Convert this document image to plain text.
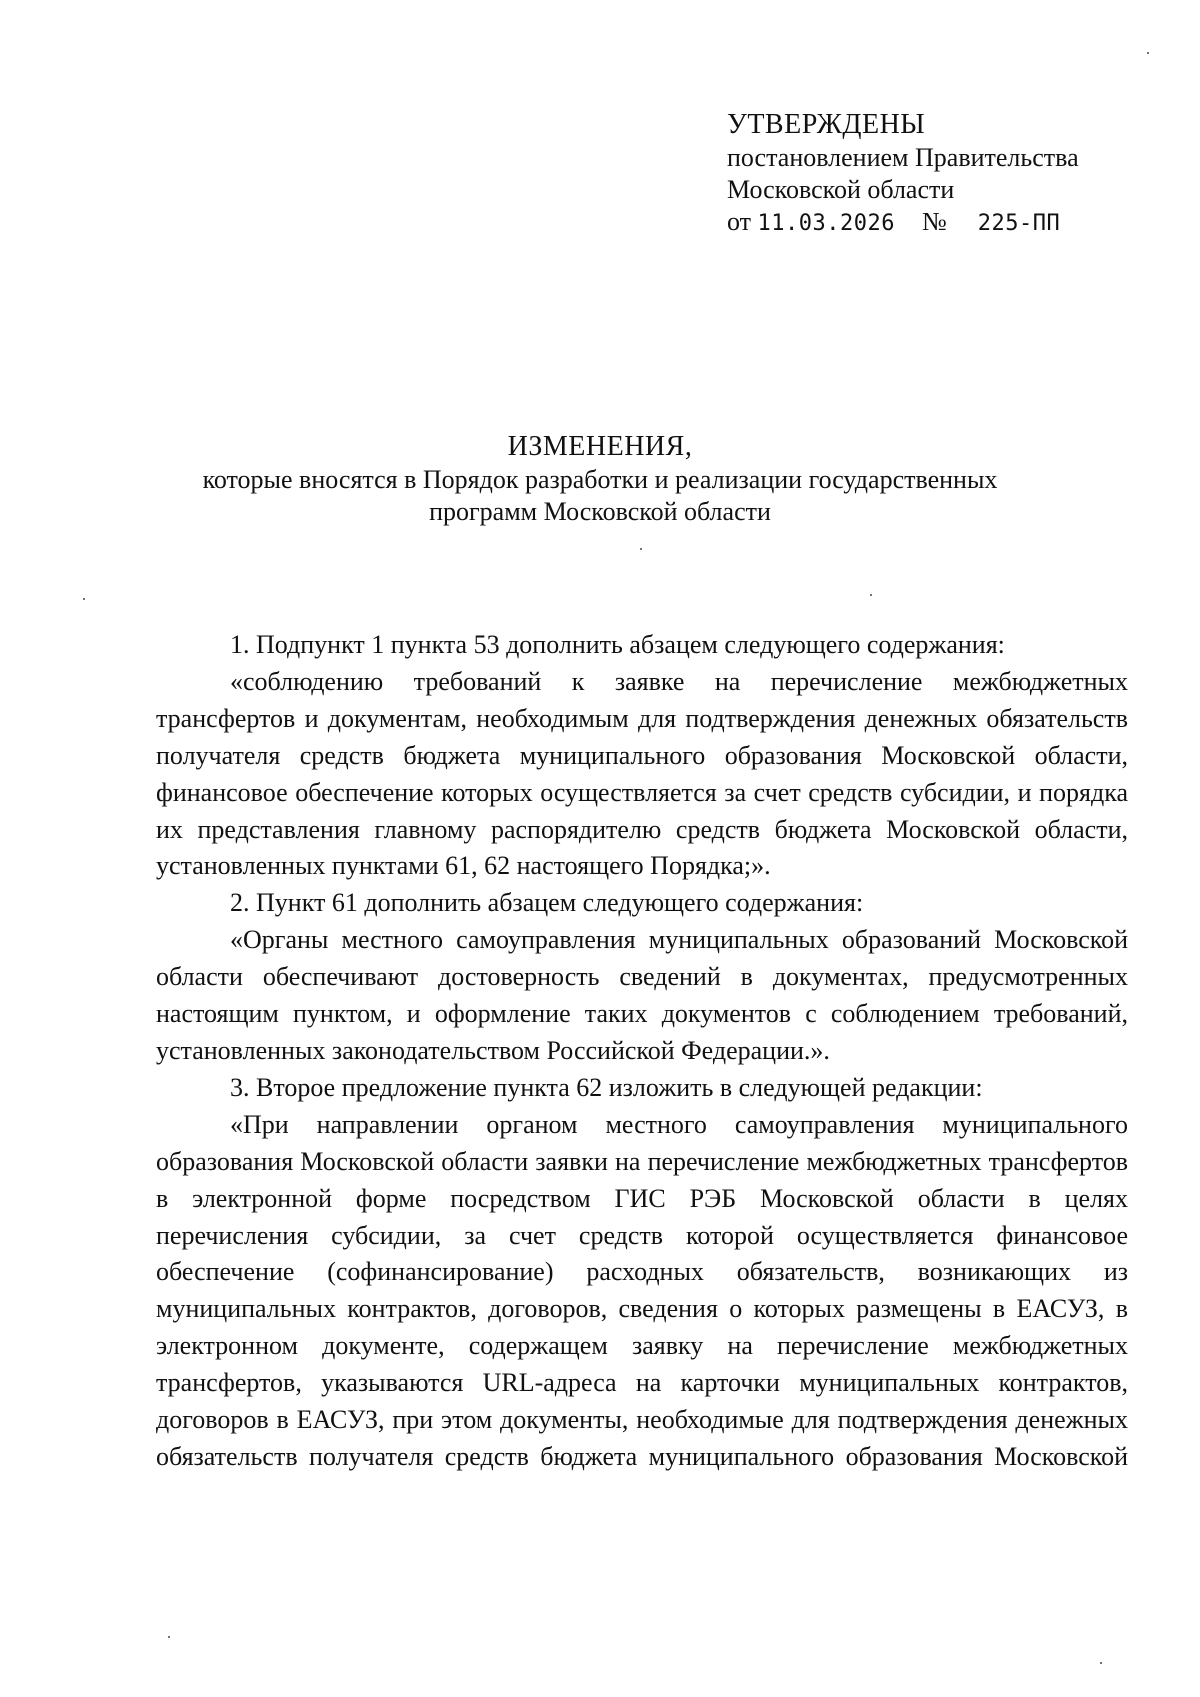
УТВЕРЖДЕНЫ
постановлением Правительства
Московской области
от 11.03.2026 № 225-ПП
ИЗМЕНЕНИЯ,
которые вносятся в Порядок разработки и реализации государственных
программ Московской области

1. Подпункт 1 пункта 53 дополнить абзацем следующего содержания:

«соблюдению требований к заявке на перечисление межбюджетных трансфертов и документам, необходимым для подтверждения денежных обязательств получателя средств бюджета муниципального образования Московской области, финансовое обеспечение которых осуществляется за счет средств субсидии, и порядка их представления главному распорядителю средств бюджета Московской области, установленных пунктами 61, 62 настоящего Порядка;».

2. Пункт 61 дополнить абзацем следующего содержания:

«Органы местного самоуправления муниципальных образований Московской области обеспечивают достоверность сведений в документах, предусмотренных настоящим пунктом, и оформление таких документов с соблюдением требований, установленных законодательством Российской Федерации.».

3. Второе предложение пункта 62 изложить в следующей редакции:

«При направлении органом местного самоуправления муниципального образования Московской области заявки на перечисление межбюджетных трансфертов в электронной форме посредством ГИС РЭБ Московской области в целях перечисления субсидии, за счет средств которой осуществляется финансовое обеспечение (софинансирование) расходных обязательств, возникающих из муниципальных контрактов, договоров, сведения о которых размещены в ЕАСУЗ, в электронном документе, содержащем заявку на перечисление межбюджетных трансфертов, указываются URL-адреса на карточки муниципальных контрактов, договоров в ЕАСУЗ, при этом документы, необходимые для подтверждения денежных обязательств получателя средств бюджета муниципального образования Московской
